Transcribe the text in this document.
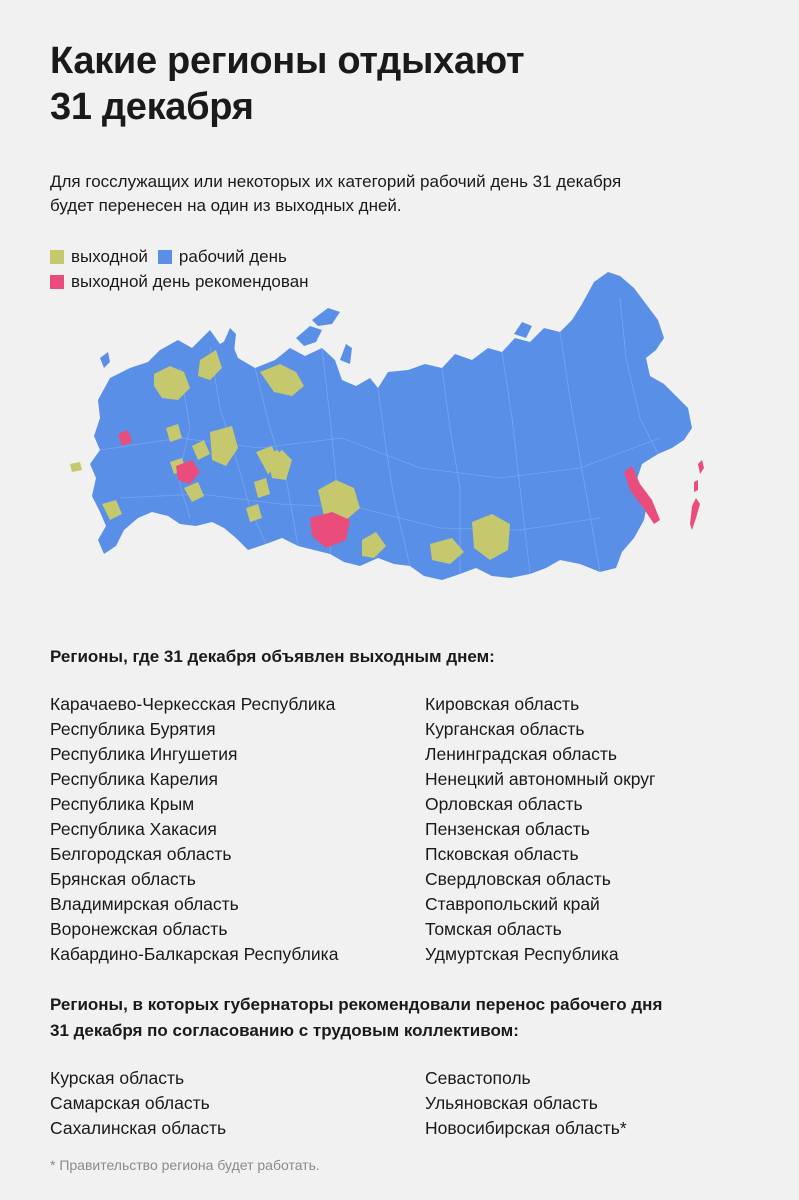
Какие регионы отдыхают
31 декабря

Для госслужащих или некоторых их категорий рабочий день 31 декабря
будет перенесен на один из выходных дней.

выходной рабочий день
выходной день рекомендован
Регионы, где 31 декабря объявлен выходным днем:
Карачаево-Черкесская Республика
Республика Бурятия
Республика Ингушетия
Республика Карелия
Республика Крым
Республика Хакасия
Белгородская область
Брянская область
Владимирская область
Воронежская область
Кабардино-Балкарская Республика
Кировская область
Курганская область
Ленинградская область
Ненецкий автономный округ
Орловская область
Пензенская область
Псковская область
Свердловская область
Ставропольский край
Томская область
Удмуртская Республика
Регионы, в которых губернаторы рекомендовали перенос рабочего дня
31 декабря по согласованию с трудовым коллективом:
Курская область
Самарская область
Сахалинская область
Севастополь
Ульяновская область
Новосибирская область*
* Правительство региона будет работать.
